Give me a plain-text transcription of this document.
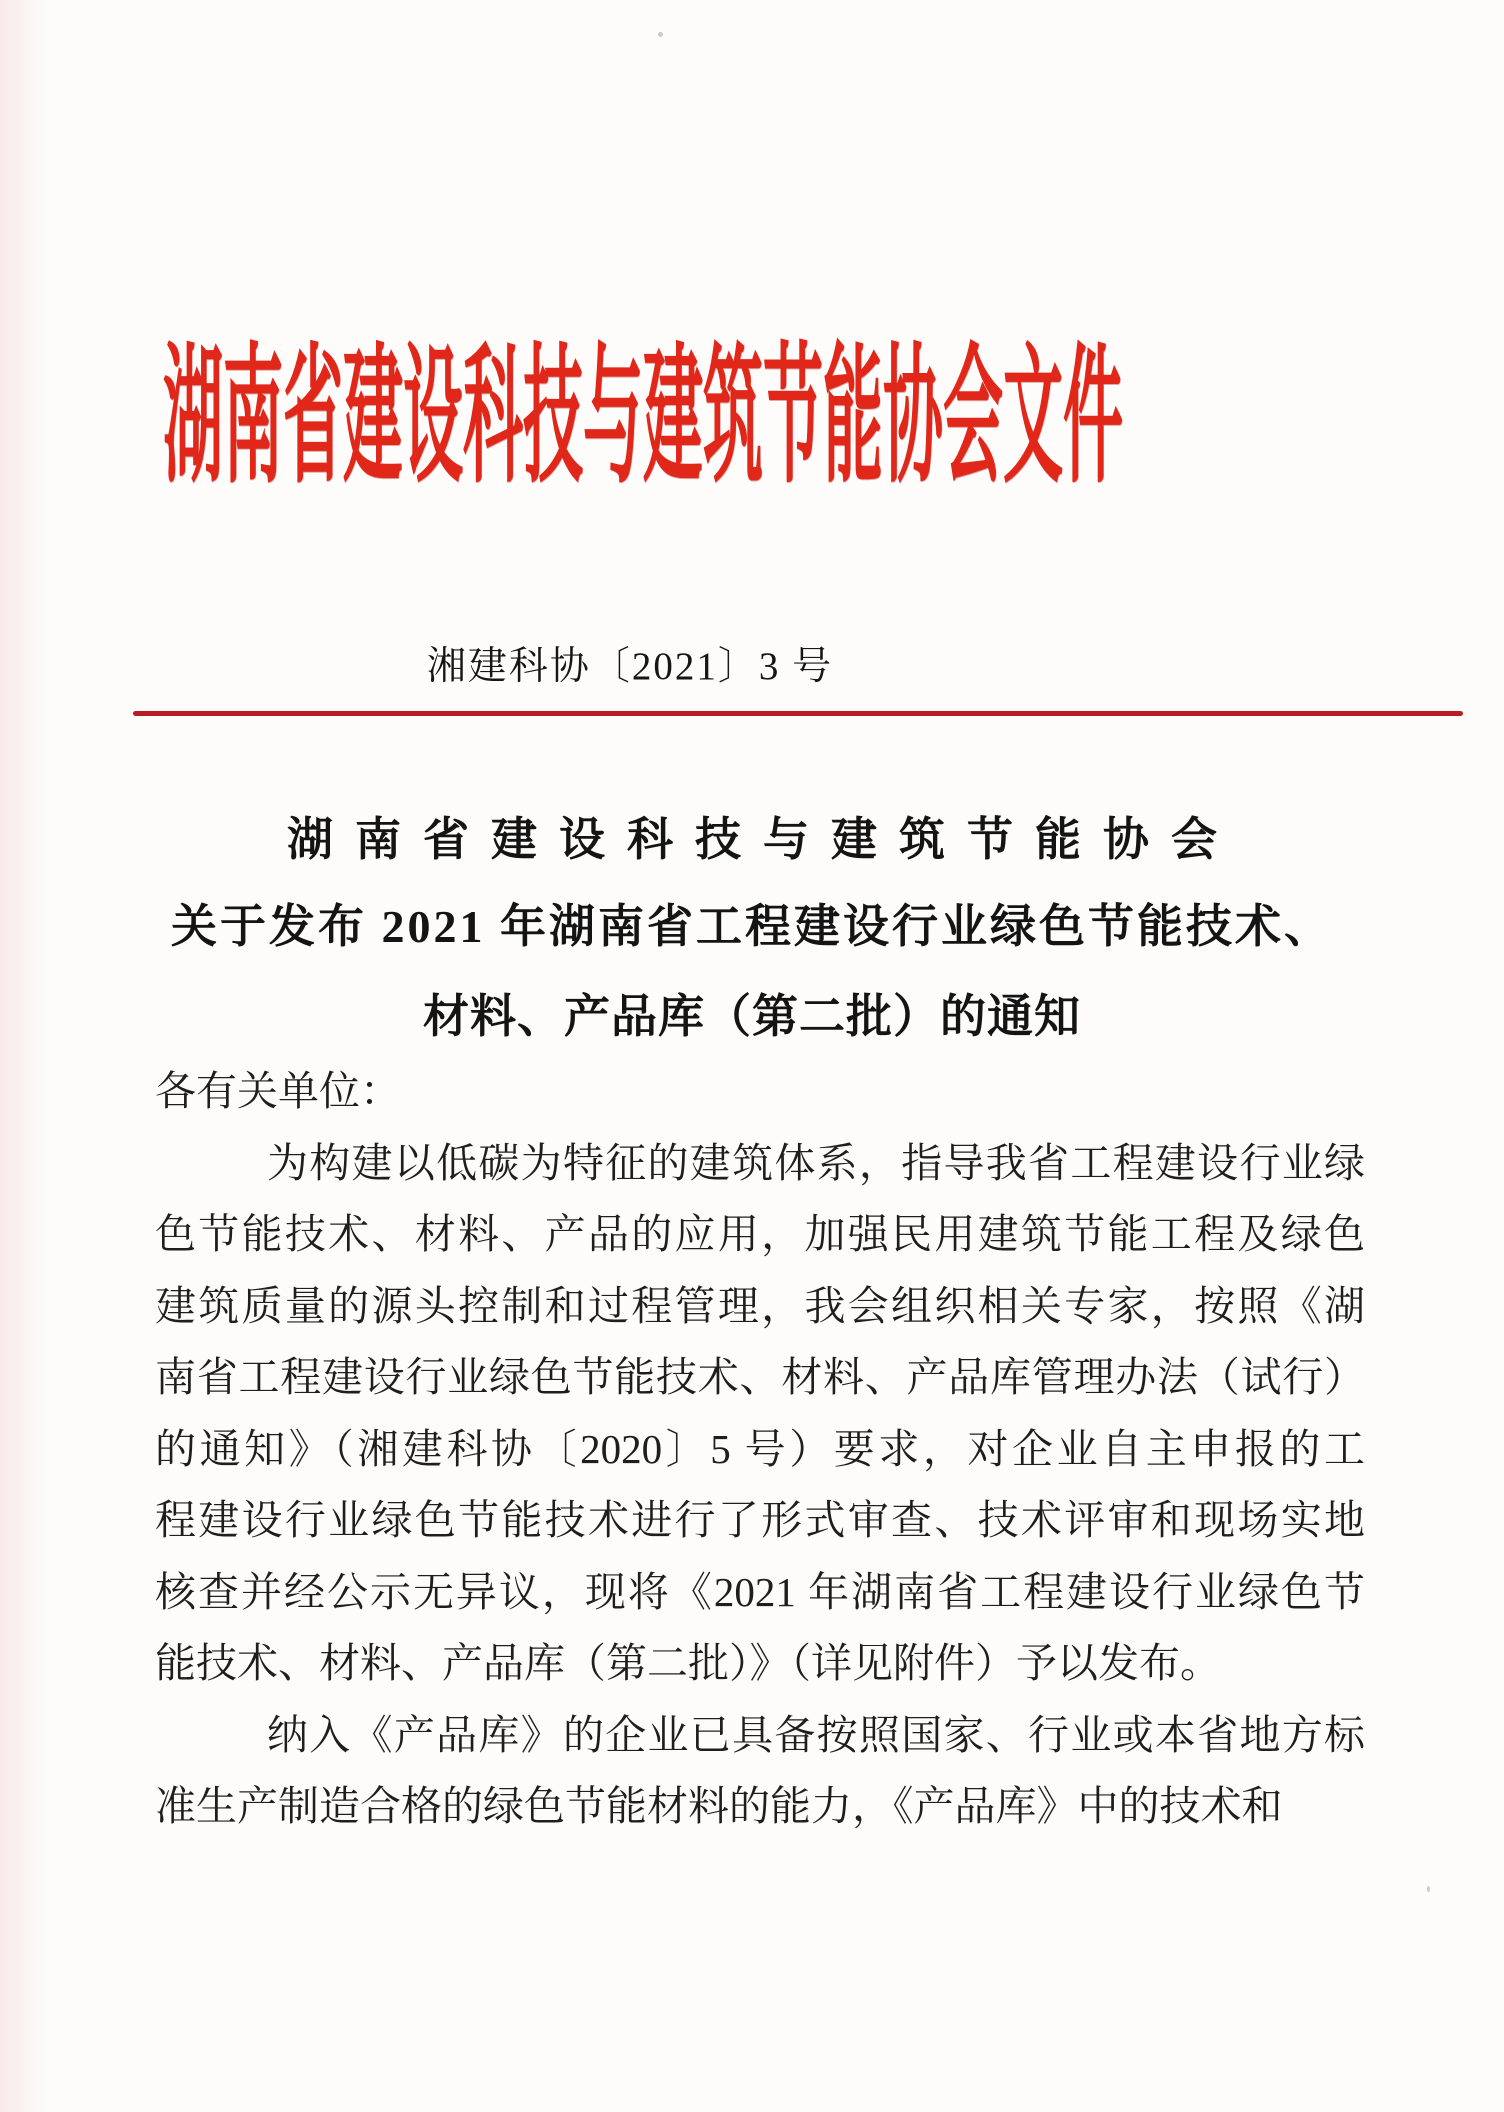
湖南省建设科技与建筑节能协会文件
湘建科协〔2021〕3 号
湖南省建设科技与建筑节能协会
关于发布 2021 年湖南省工程建设行业绿色节能技术、
材料、产品库（第二批）的通知
各有关单位：
为构建以低碳为特征的建筑体系，指导我省工程建设行业绿
色节能技术、材料、产品的应用，加强民用建筑节能工程及绿色
建筑质量的源头控制和过程管理，我会组织相关专家，按照《湖
南省工程建设行业绿色节能技术、材料、产品库管理办法（试行）
的通知》（湘建科协〔2020〕5 号）要求，对企业自主申报的工
程建设行业绿色节能技术进行了形式审查、技术评审和现场实地
核查并经公示无异议，现将《2021 年湖南省工程建设行业绿色节
能技术、材料、产品库（第二批）》（详见附件）予以发布。
纳入《产品库》的企业已具备按照国家、行业或本省地方标
准生产制造合格的绿色节能材料的能力，《产品库》中的技术和
